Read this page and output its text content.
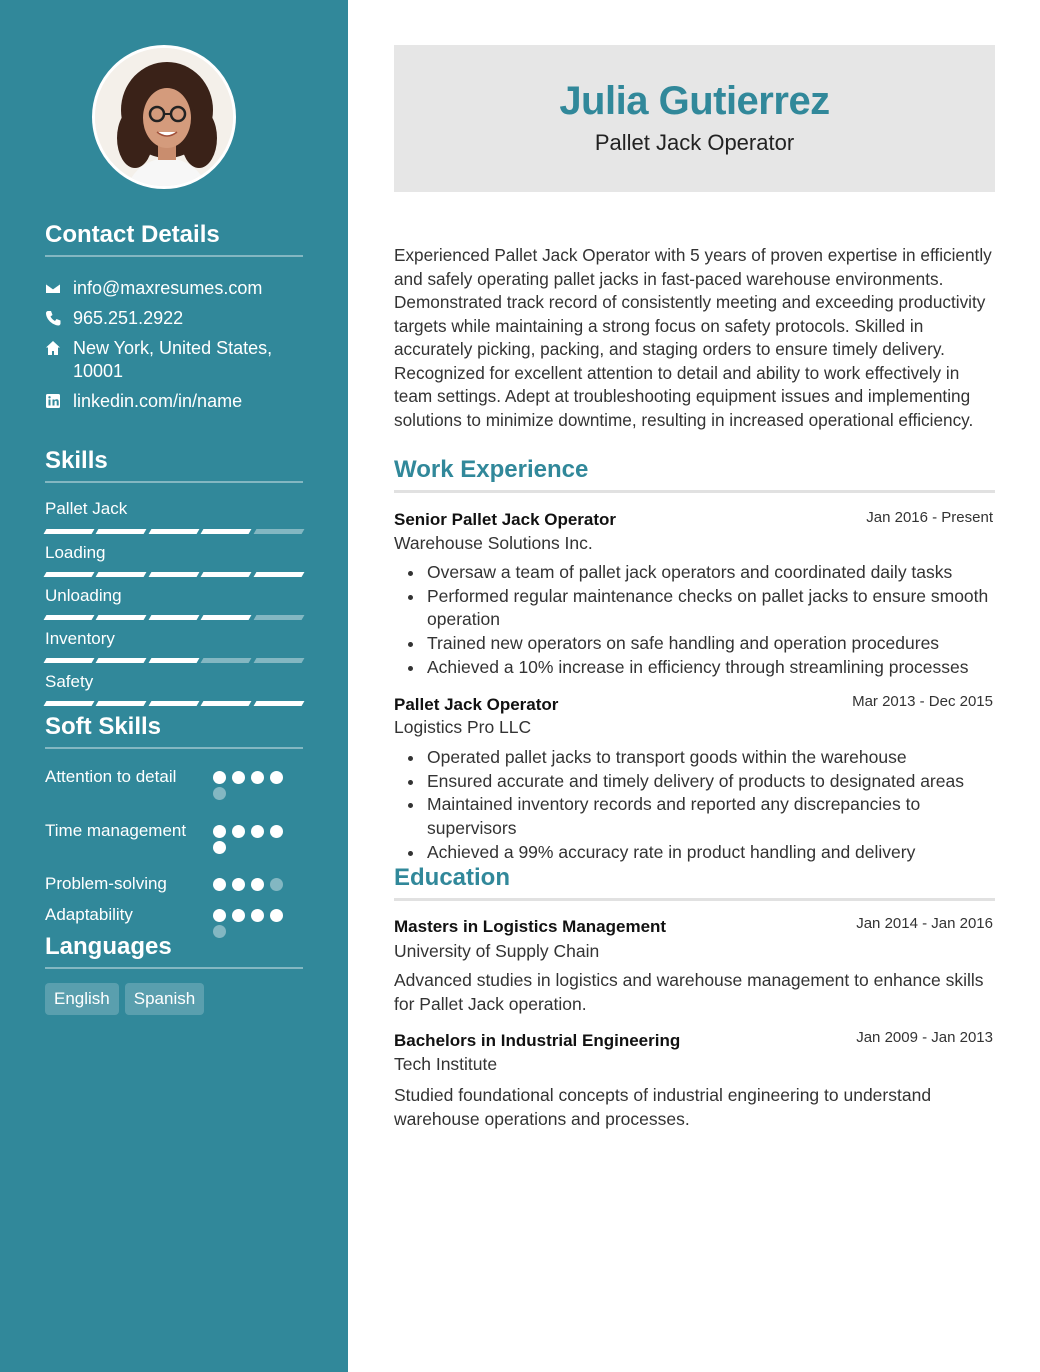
Contact Details
info@maxresumes.com
965.251.2922
New York, United States, 10001
linkedin.com/in/name
Skills
Pallet Jack
Loading
Unloading
Inventory
Safety
Soft Skills
Attention to detail
Time management
Problem-solving
Adaptability
Languages
English	Spanish
Julia Gutierrez
Pallet Jack Operator
Experienced Pallet Jack Operator with 5 years of proven expertise in efficiently and safely operating pallet jacks in fast-paced warehouse environments. Demonstrated track record of consistently meeting and exceeding productivity targets while maintaining a strong focus on safety protocols. Skilled in accurately picking, packing, and staging orders to ensure timely delivery. Recognized for excellent attention to detail and ability to work effectively in team settings. Adept at troubleshooting equipment issues and implementing solutions to minimize downtime, resulting in increased operational efficiency.
Work Experience
Senior Pallet Jack Operator	Jan 2016 - Present
Warehouse Solutions Inc.
Oversaw a team of pallet jack operators and coordinated daily tasks
Performed regular maintenance checks on pallet jacks to ensure smooth operation
Trained new operators on safe handling and operation procedures
Achieved a 10% increase in efficiency through streamlining processes
Pallet Jack Operator	Mar 2013 - Dec 2015
Logistics Pro LLC
Operated pallet jacks to transport goods within the warehouse
Ensured accurate and timely delivery of products to designated areas
Maintained inventory records and reported any discrepancies to supervisors
Achieved a 99% accuracy rate in product handling and delivery
Education
Masters in Logistics Management	Jan 2014 - Jan 2016
University of Supply Chain
Advanced studies in logistics and warehouse management to enhance skills for Pallet Jack operation.
Bachelors in Industrial Engineering	Jan 2009 - Jan 2013
Tech Institute
Studied foundational concepts of industrial engineering to understand warehouse operations and processes.
